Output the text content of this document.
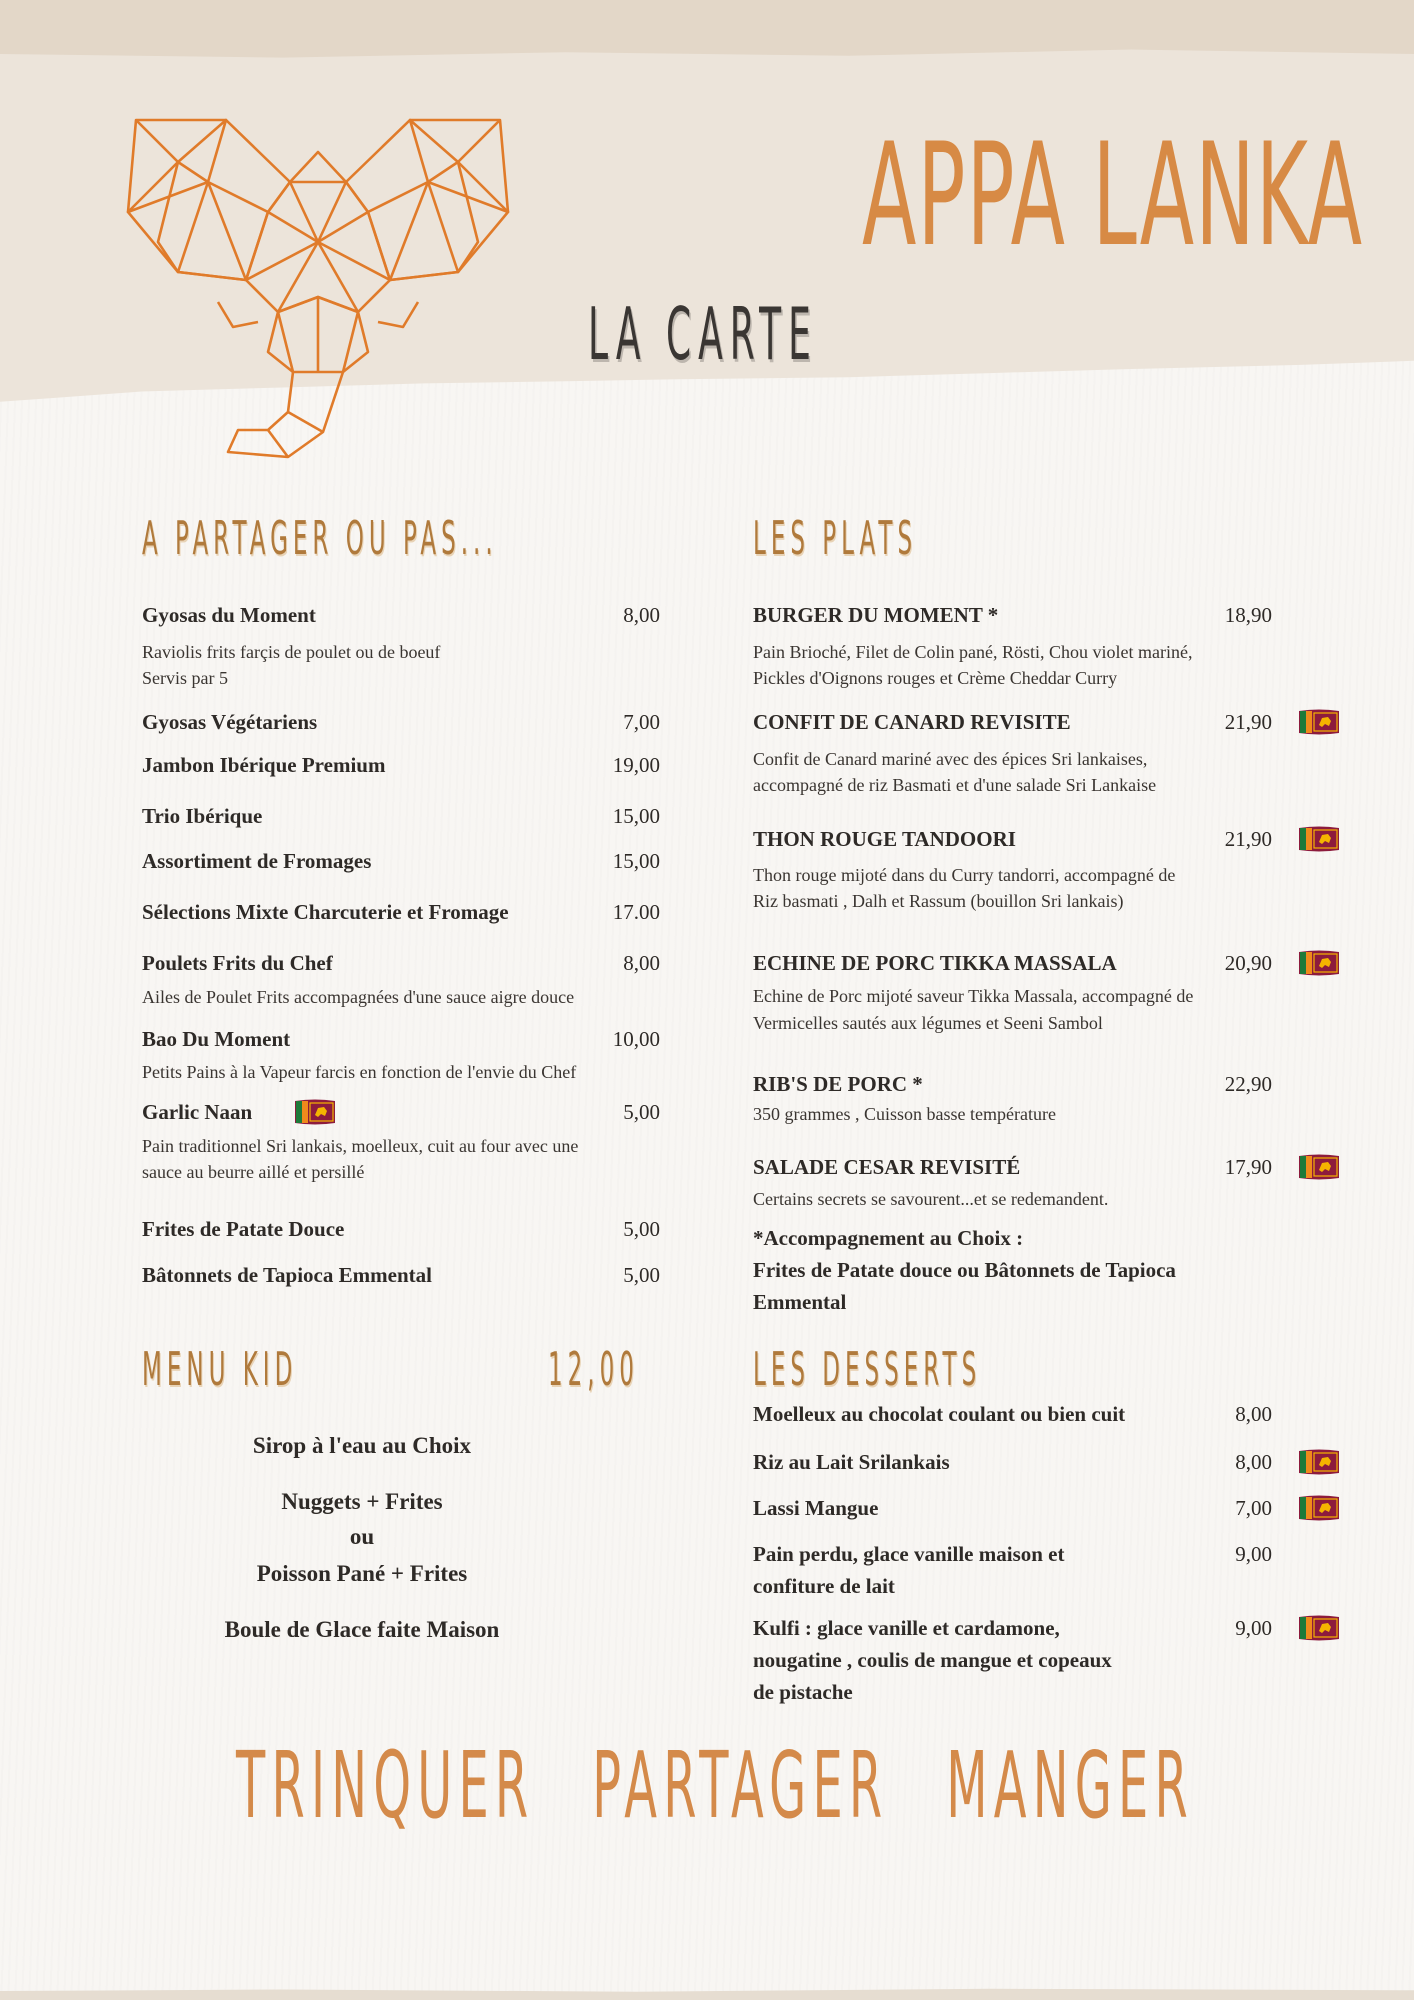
APPA LANKA
LA CARTE
A PARTAGER OU PAS...	LES PLATS
MENU KID	12,00 LES DESSERTS
Gyosas du Moment	8,00
Raviolis frits farçis de poulet ou de boeuf
Servis par 5
Gyosas Végétariens	7,00
Jambon Ibérique Premium	19,00
Trio Ibérique	15,00
Assortiment de Fromages	15,00
Sélections Mixte Charcuterie et Fromage	17.00
Poulets Frits du Chef	8,00
Ailes de Poulet Frits accompagnées d'une sauce aigre douce
Bao Du Moment	10,00
Petits Pains à la Vapeur farcis en fonction de l'envie du Chef
Garlic Naan	5,00
Pain traditionnel Sri lankais, moelleux, cuit au four avec une
sauce au beurre aillé et persillé
Frites de Patate Douce	5,00
Bâtonnets de Tapioca Emmental	5,00
BURGER DU MOMENT *	18,90
Pain Brioché, Filet de Colin pané, Rösti, Chou violet mariné,
Pickles d'Oignons rouges et Crème Cheddar Curry
CONFIT DE CANARD REVISITE	21,90
Confit de Canard mariné avec des épices Sri lankaises,
accompagné de riz Basmati et d'une salade Sri Lankaise
THON ROUGE TANDOORI	21,90
Thon rouge mijoté dans du Curry tandorri, accompagné de
Riz basmati , Dalh et Rassum (bouillon Sri lankais)
ECHINE DE PORC TIKKA MASSALA	20,90
Echine de Porc mijoté saveur Tikka Massala, accompagné de
Vermicelles sautés aux légumes et Seeni Sambol
RIB'S DE PORC *	22,90
350 grammes , Cuisson basse température
SALADE CESAR REVISITÉ	17,90
Certains secrets se savourent...et se redemandent.
*Accompagnement au Choix :
Frites de Patate douce ou Bâtonnets de Tapioca
Emmental
Sirop à l'eau au Choix
Nuggets + Frites
ou
Poisson Pané + Frites
Boule de Glace faite Maison
Moelleux au chocolat coulant ou bien cuit	8,00
Riz au Lait Srilankais	8,00
Lassi Mangue	7,00
Pain perdu, glace vanille maison et
confiture de lait
9,00
Kulfi : glace vanille et cardamone,
nougatine , coulis de mangue et copeaux
de pistache
9,00
TRINQUER PARTAGER MANGER
